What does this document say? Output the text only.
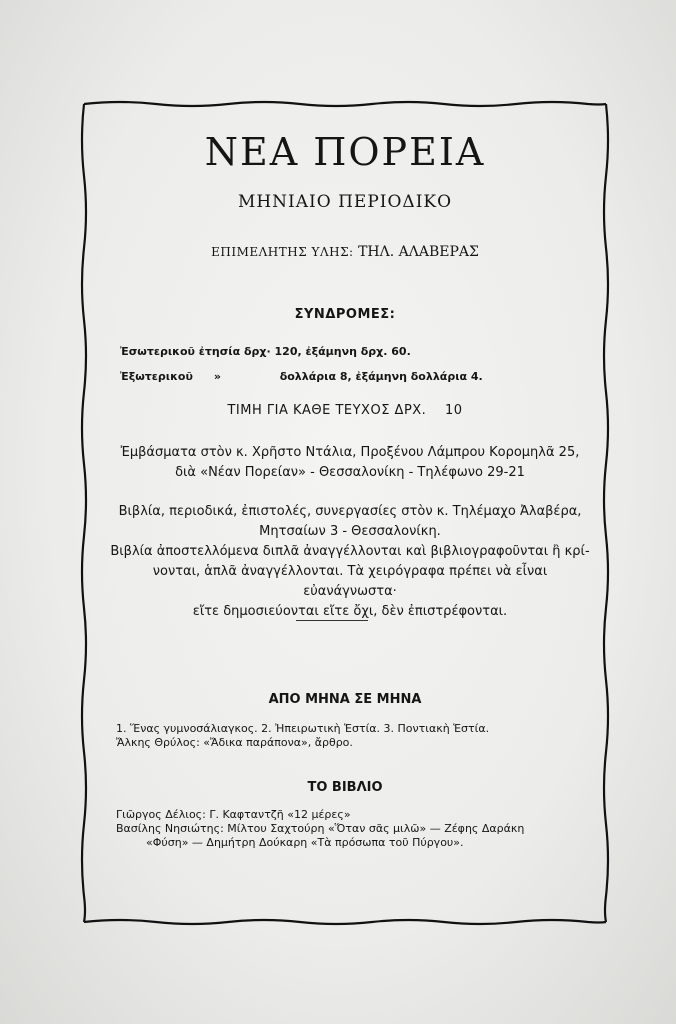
ΝΕΑ ΠΟΡΕΙΑ
ΜΗΝΙΑΙΟ ΠΕΡΙΟΔΙΚΟ
ΕΠΙΜΕΛΗΤΗΣ ΥΛΗΣ: ΤΗΛ. ΑΛΑΒΕΡΑΣ
ΣΥΝΔΡΟΜΕΣ:
Ἐσωτερικοῦ ἐτησία δρχ· 120, ἐξάμηνη δρχ. 60.
Ἐξωτερικοῦ »	δολλάρια 8, ἐξάμηνη δολλάρια 4.
ΤΙΜΗ ΓΙΑ ΚΑΘΕ ΤΕΥΧΟΣ ΔΡΧ. 10
Ἐμβάσματα στὸν κ. Χρῆστο Ντάλια, Προξένου Λάμπρου Κορομηλᾶ 25,
διὰ «Νέαν Πορείαν» - Θεσσαλονίκη - Τηλέφωνο 29-21
Βιβλία, περιοδικά, ἐπιστολές, συνεργασίες στὸν κ. Τηλέμαχο Ἀλαβέρα,
Μητσαίων 3 - Θεσσαλονίκη.
Βιβλία ἀποστελλόμενα διπλᾶ ἀναγγέλλονται καὶ βιβλιογραφοῦνται ἢ κρί-
νονται, ἁπλᾶ ἀναγγέλλονται. Τὰ χειρόγραφα πρέπει νὰ εἶναι εὐανάγνωστα·
εἴτε δημοσιεύονται εἴτε ὄχι, δὲν ἐπιστρέφονται.
ΑΠΟ ΜΗΝΑ ΣΕ ΜΗΝΑ
1. Ἕνας γυμνοσάλιαγκος. 2. Ἠπειρωτικὴ Ἑστία. 3. Ποντιακὴ Ἑστία.
Ἄλκης Θρύλος: «Ἄδικα παράπονα», ἄρθρο.
ΤΟ ΒΙΒΛΙΟ
Γιῶργος Δέλιος: Γ. Καφταντζῆ «12 μέρες»
Βασίλης Νησιώτης: Μίλτου Σαχτούρη «Ὅταν σᾶς μιλῶ» — Ζέφης Δαράκη
«Φύση» — Δημήτρη Δούκαρη «Τὰ πρόσωπα τοῦ Πύργου».
